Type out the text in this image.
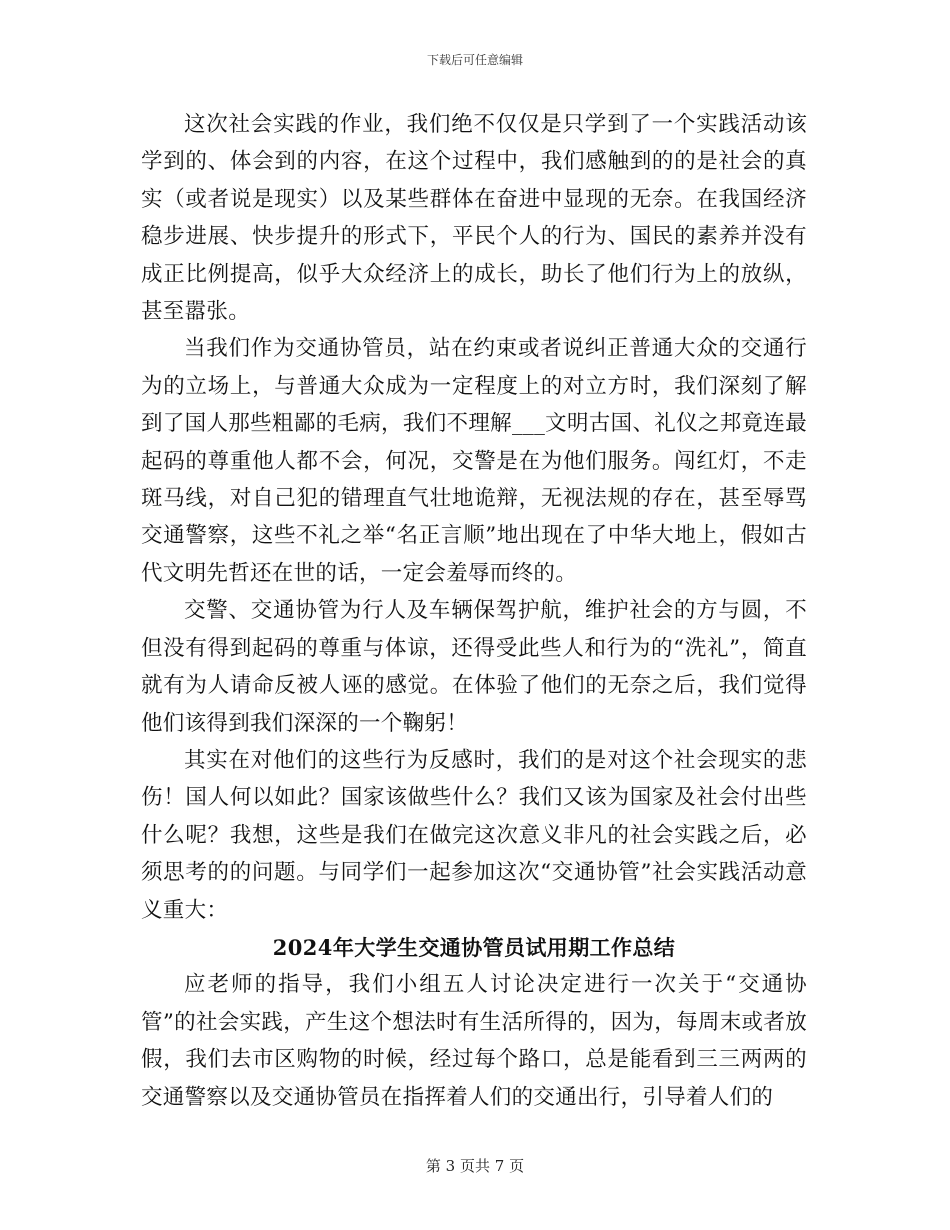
下载后可任意编辑

这次社会实践的作业，我们绝不仅仅是只学到了一个实践活动该学到的、体会到的内容，在这个过程中，我们感触到的的是社会的真实（或者说是现实）以及某些群体在奋进中显现的无奈。在我国经济稳步进展、快步提升的形式下，平民个人的行为、国民的素养并没有成正比例提高，似乎大众经济上的成长，助长了他们行为上的放纵，甚至嚣张。

当我们作为交通协管员，站在约束或者说纠正普通大众的交通行为的立场上，与普通大众成为一定程度上的对立方时，我们深刻了解到了国人那些粗鄙的毛病，我们不理解___文明古国、礼仪之邦竟连最起码的尊重他人都不会，何况，交警是在为他们服务。闯红灯，不走斑马线，对自己犯的错理直气壮地诡辩，无视法规的存在，甚至辱骂交通警察，这些不礼之举“名正言顺”地出现在了中华大地上，假如古代文明先哲还在世的话，一定会羞辱而终的。

交警、交通协管为行人及车辆保驾护航，维护社会的方与圆，不但没有得到起码的尊重与体谅，还得受此些人和行为的“洗礼”，简直就有为人请命反被人诬的感觉。在体验了他们的无奈之后，我们觉得他们该得到我们深深的一个鞠躬！

其实在对他们的这些行为反感时，我们的是对这个社会现实的悲伤！国人何以如此？国家该做些什么？我们又该为国家及社会付出些什么呢？我想，这些是我们在做完这次意义非凡的社会实践之后，必须思考的的问题。与同学们一起参加这次“交通协管”社会实践活动意义重大：

2024年大学生交通协管员试用期工作总结

应老师的指导，我们小组五人讨论决定进行一次关于“交通协管”的社会实践，产生这个想法时有生活所得的，因为，每周末或者放假，我们去市区购物的时候，经过每个路口，总是能看到三三两两的交通警察以及交通协管员在指挥着人们的交通出行，引导着人们的

第 3 页共 7 页
